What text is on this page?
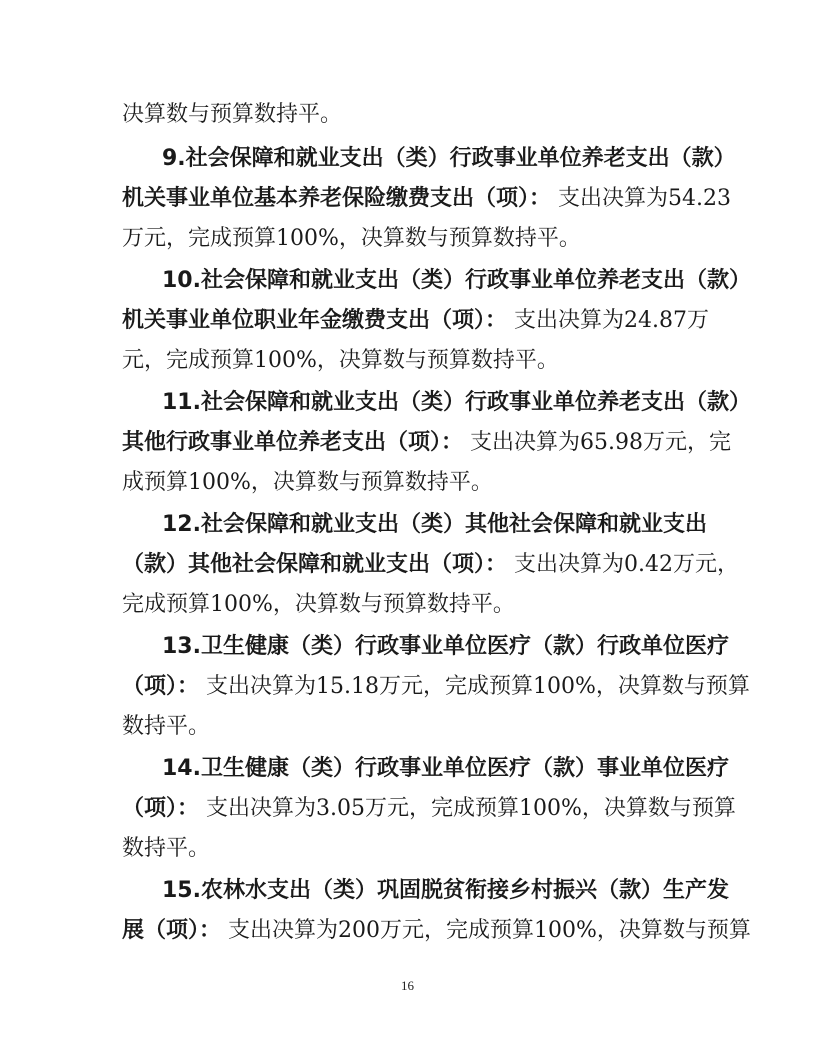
决算数与预算数持平。
9.社会保障和就业支出（类）行政事业单位养老支出（款）
机关事业单位基本养老保险缴费支出（项）： 支出决算为54.23
万元，完成预算100%，决算数与预算数持平。
10.社会保障和就业支出（类）行政事业单位养老支出（款）
机关事业单位职业年金缴费支出（项）： 支出决算为24.87万
元，完成预算100%，决算数与预算数持平。
11.社会保障和就业支出（类）行政事业单位养老支出（款）
其他行政事业单位养老支出（项）： 支出决算为65.98万元，完
成预算100%，决算数与预算数持平。
12.社会保障和就业支出（类）其他社会保障和就业支出
（款）其他社会保障和就业支出（项）： 支出决算为0.42万元，
完成预算100%，决算数与预算数持平。
13.卫生健康（类）行政事业单位医疗（款）行政单位医疗
（项）： 支出决算为15.18万元，完成预算100%，决算数与预算
数持平。
14.卫生健康（类）行政事业单位医疗（款）事业单位医疗
（项）： 支出决算为3.05万元，完成预算100%，决算数与预算
数持平。
15.农林水支出（类）巩固脱贫衔接乡村振兴（款）生产发
展（项）： 支出决算为200万元，完成预算100%，决算数与预算
16
